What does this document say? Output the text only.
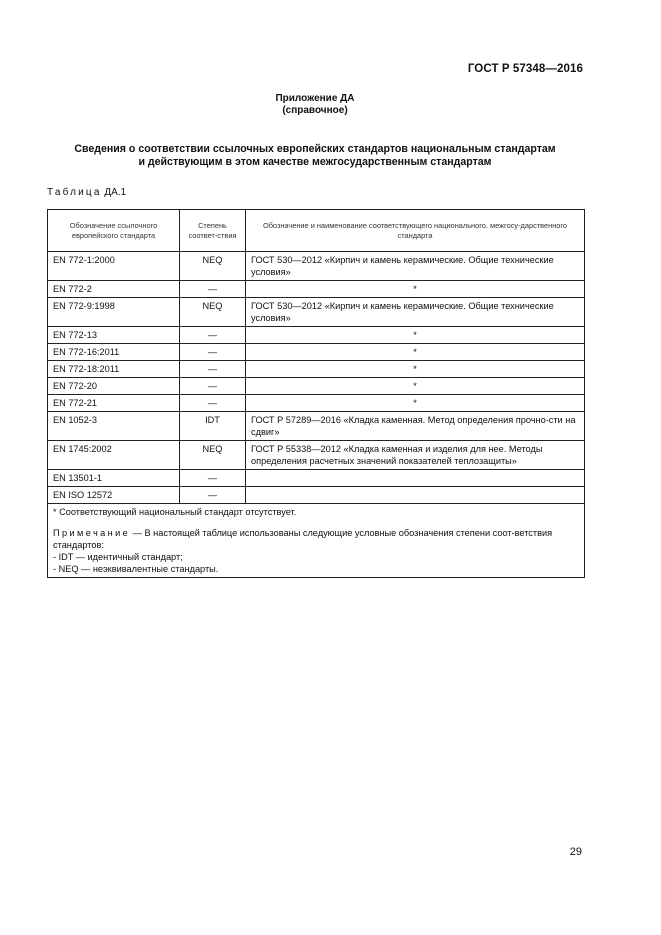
ГОСТ Р 57348—2016
Приложение ДА
(справочное)
Сведения о соответствии ссылочных европейских стандартов национальным стандартам
и действующим в этом качестве межгосударственным стандартам
Таблица ДА.1
Обозначение ссылочного европейского стандарта	Степень соответ-ствия	Обозначение и наименование соответствующего национального. межгосу-дарственного стандарта
EN 772-1:2000	NEQ	ГОСТ 530—2012 «Кирпич и камень керамические. Общие технические условия»
EN 772-2	—	*
EN 772-9:1998	NEQ	ГОСТ 530—2012 «Кирпич и камень керамические. Общие технические условия»
EN 772-13	—	*
EN 772-16:2011	—	*
EN 772-18:2011	—	*
EN 772-20	—	*
EN 772-21	—	*
EN 1052-3	IDT	ГОСТ Р 57289—2016 «Кладка каменная. Метод определения прочно-сти на сдвиг»
EN 1745:2002	NEQ	ГОСТ Р 55338—2012 «Кладка каменная и изделия для нее. Методы определения расчетных значений показателей теплозащиты»
EN 13501-1	—	
EN ISO 12572	—	

* Соответствующий национальный стандарт отсутствует.
Примечание — В настоящей таблице использованы следующие условные обозначения степени соот-ветствия стандартов:
- IDT — идентичный стандарт;
- NEQ — неэквивалентные стандарты.		
29
